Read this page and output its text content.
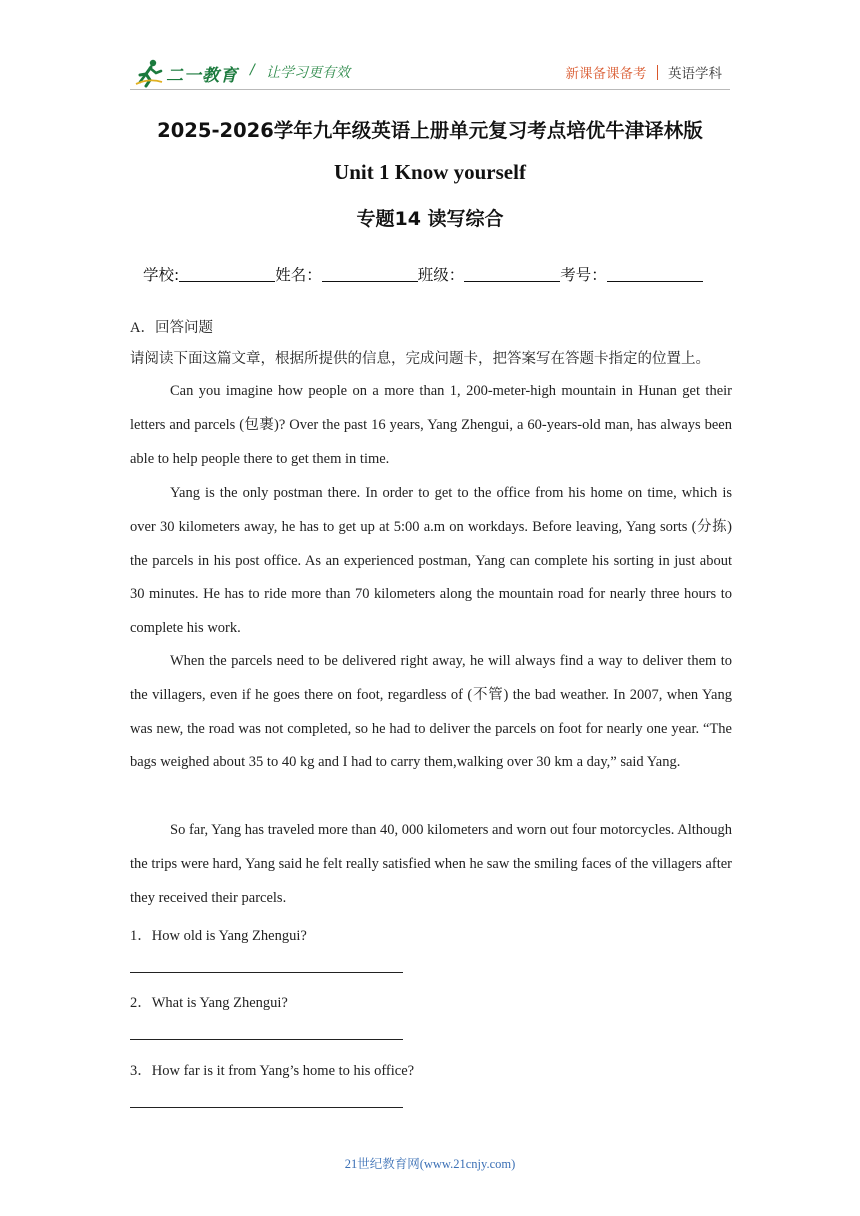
二一教育 / 让学习更有效	新课备课备考 英语学科
2025-2026学年九年级英语上册单元复习考点培优牛津译林版
Unit 1 Know yourself
专题14 读写综合
学校:	姓名：	班级：	考号：
A．回答问题
请阅读下面这篇文章，根据所提供的信息，完成问题卡，把答案写在答题卡指定的位置上。

Can you imagine how people on a more than 1, 200-meter-high mountain in Hunan get their letters and parcels (包裹)? Over the past 16 years, Yang Zhengui, a 60-years-old man, has always been able to help people there to get them in time.

Yang is the only postman there. In order to get to the office from his home on time, which is over 30 kilometers away, he has to get up at 5:00 a.m on workdays. Before leaving, Yang sorts (分拣) the parcels in his post office. As an experienced postman, Yang can complete his sorting in just about 30 minutes. He has to ride more than 70 kilometers along the mountain road for nearly three hours to complete his work.

When the parcels need to be delivered right away, he will always find a way to deliver them to the villagers, even if he goes there on foot, regardless of (不管) the bad weather. In 2007, when Yang was new, the road was not completed, so he had to deliver the parcels on foot for nearly one year. “The bags weighed about 35 to 40 kg and I had to carry them,walking over 30 km a day,” said Yang.

So far, Yang has traveled more than 40, 000 kilometers and worn out four motorcycles. Although the trips were hard, Yang said he felt really satisfied when he saw the smiling faces of the villagers after they received their parcels.

1．How old is Yang Zhengui?
2．What is Yang Zhengui?
3．How far is it from Yang’s home to his office?
21世纪教育网(www.21cnjy.com)
